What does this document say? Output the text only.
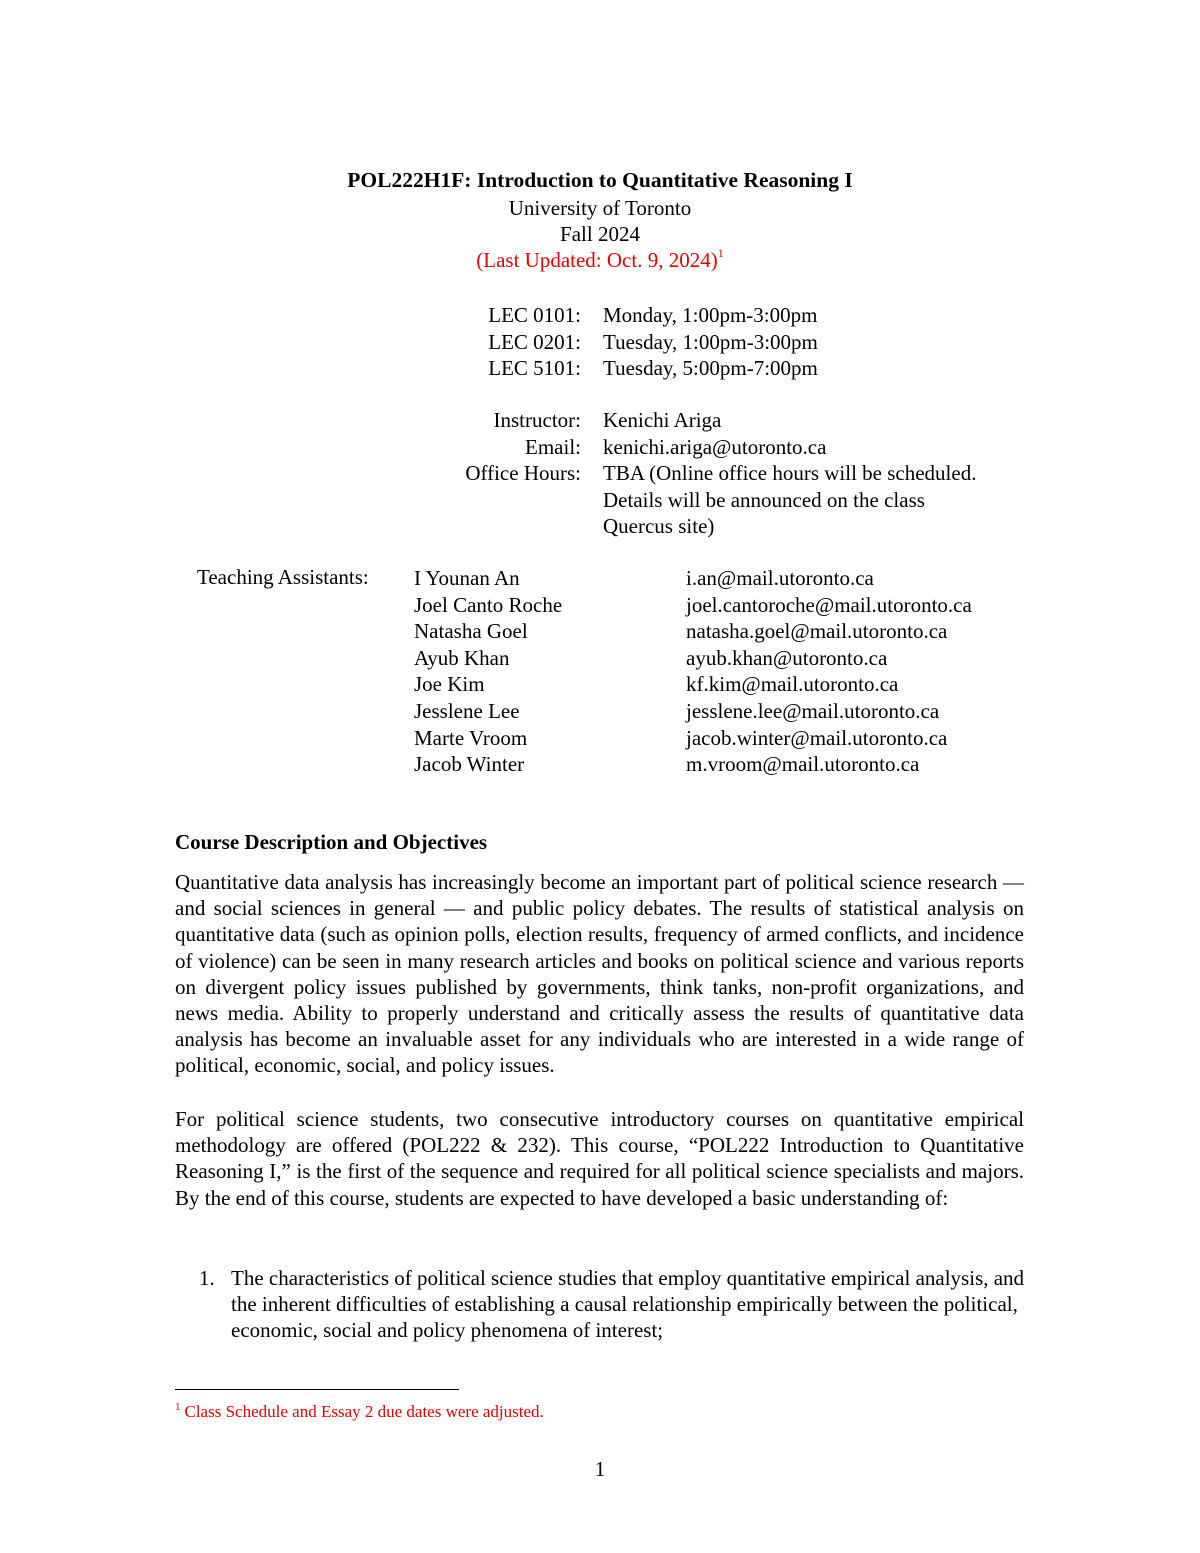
POL222H1F: Introduction to Quantitative Reasoning I
University of Toronto
Fall 2024
(Last Updated: Oct. 9, 2024)$^1$
LEC 0101:
LEC 0201:
LEC 5101:
Monday, 1:00pm-3:00pm
Tuesday, 1:00pm-3:00pm
Tuesday, 5:00pm-7:00pm
Instructor:
Email:
Office Hours:
Kenichi Ariga
kenichi.ariga@utoronto.ca
TBA (Online office hours will be scheduled.
Details will be announced on the class
Quercus site)
Teaching Assistants: I Younan An
Joel Canto Roche
Natasha Goel
Ayub Khan
Joe Kim
Jesslene Lee
Marte Vroom
Jacob Winter
i.an@mail.utoronto.ca
joel.cantoroche@mail.utoronto.ca
natasha.goel@mail.utoronto.ca
ayub.khan@utoronto.ca
kf.kim@mail.utoronto.ca
jesslene.lee@mail.utoronto.ca
jacob.winter@mail.utoronto.ca
m.vroom@mail.utoronto.ca
Course Description and Objectives
Quantitative data analysis has increasingly become an important part of political science research — and social sciences in general — and public policy debates. The results of statistical analysis on quantitative data (such as opinion polls, election results, frequency of armed conflicts, and incidence of violence) can be seen in many research articles and books on political science and various reports on divergent policy issues published by governments, think tanks, non-profit organizations, and news media. Ability to properly understand and critically assess the results of quantitative data analysis has become an invaluable asset for any individuals who are interested in a wide range of political, economic, social, and policy issues.
For political science students, two consecutive introductory courses on quantitative empirical methodology are offered (POL222 & 232). This course, “POL222 Introduction to Quantitative Reasoning I,” is the first of the sequence and required for all political science specialists and majors. By the end of this course, students are expected to have developed a basic understanding of:
1. The characteristics of political science studies that employ quantitative empirical analysis, and the inherent difficulties of establishing a causal relationship empirically between the political, economic, social and policy phenomena of interest;
$^1$ Class Schedule and Essay 2 due dates were adjusted.
1
